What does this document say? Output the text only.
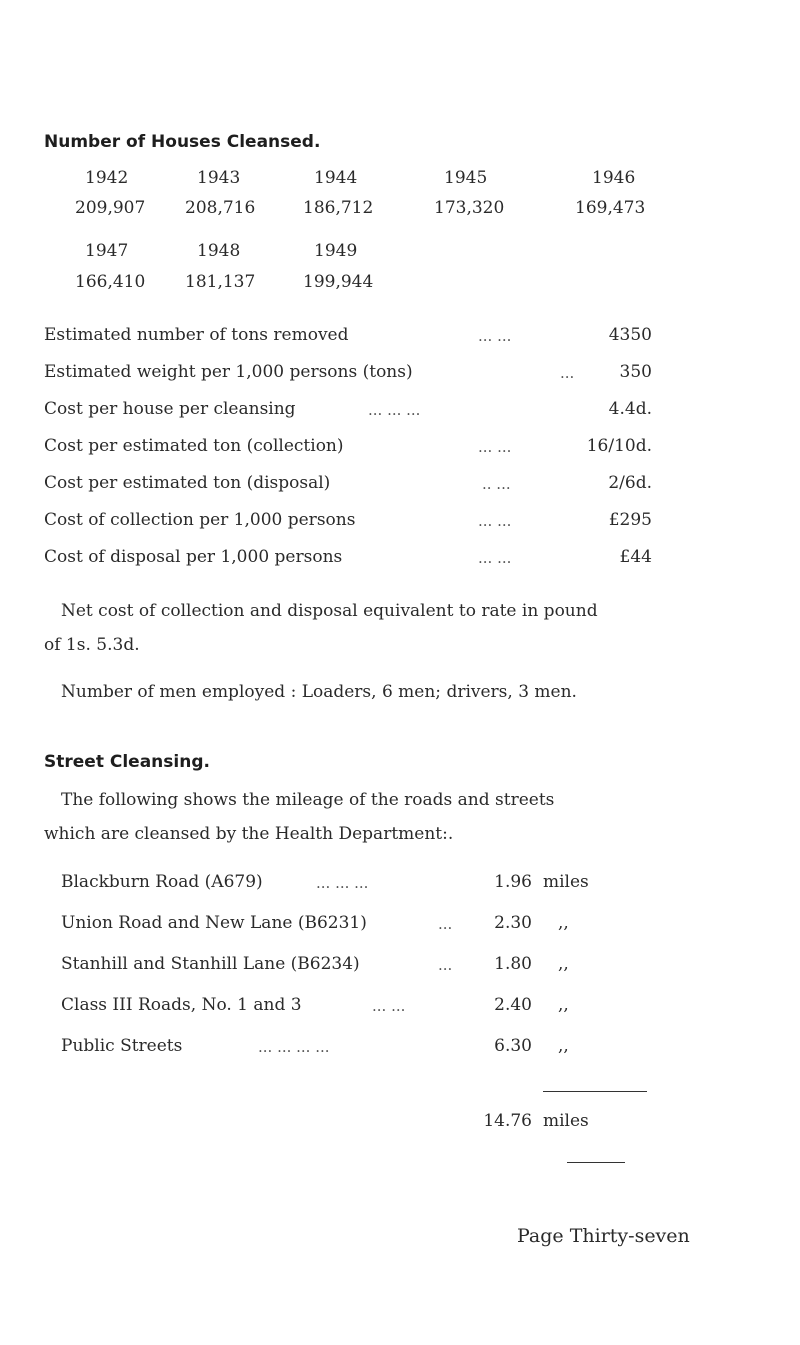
Number of Houses Cleansed.
1942	1943	1944	1945	1946
209,907 208,716	186,712	173,320	169,473
1947	1948	1949
166,410 181,137	199,944
Estimated number of tons removed	... ...	4350
Estimated weight per 1,000 persons (tons)	...	350
Cost per house per cleansing	... ... ...	4.4d.
Cost per estimated ton (collection)	... ...	16/10d.
Cost per estimated ton (disposal)	.. ...	2/6d.
Cost of collection per 1,000 persons	... ...	£295
Cost of disposal per 1,000 persons	... ...	£44
Net cost of collection and disposal equivalent to rate in pound
of 1s. 5.3d.
Number of men employed : Loaders, 6 men; drivers, 3 men.
Street Cleansing.
The following shows the mileage of the roads and streets
which are cleansed by the Health Department:.
Blackburn Road (A679)	... ... ...	1.96 miles
Union Road and New Lane (B6231)	...	2.30 ,,
Stanhill and Stanhill Lane (B6234)	...	1.80 ,,
Class III Roads, No. 1 and 3	... ...	2.40 ,,
Public Streets	... ... ... ...	6.30 ,,
14.76 miles
Page Thirty-seven
